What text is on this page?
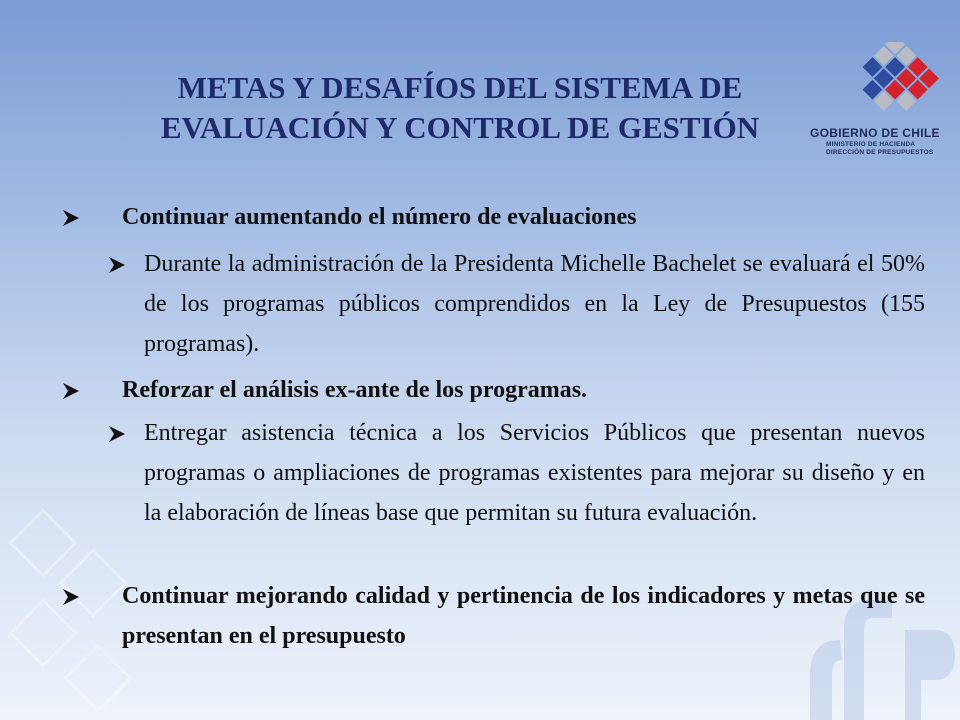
METAS Y DESAFÍOS DEL SISTEMA DE
EVALUACIÓN Y CONTROL DE GESTIÓN	GOBIERNO DE CHILE
MINISTERIO DE HACIENDA
DIRECCIÓN DE PRESUPUESTOS
Continuar aumentando el número de evaluaciones
Durante la administración de la Presidenta Michelle Bachelet se evaluará el 50% de los programas públicos comprendidos en la Ley de Presupuestos (155 programas).
Reforzar el análisis ex-ante de los programas.
Entregar asistencia técnica a los Servicios Públicos que presentan nuevos programas o ampliaciones de programas existentes para mejorar su diseño y en la elaboración de líneas base que permitan su futura evaluación.
Continuar mejorando calidad y pertinencia de los indicadores y metas que se presentan en el presupuesto
